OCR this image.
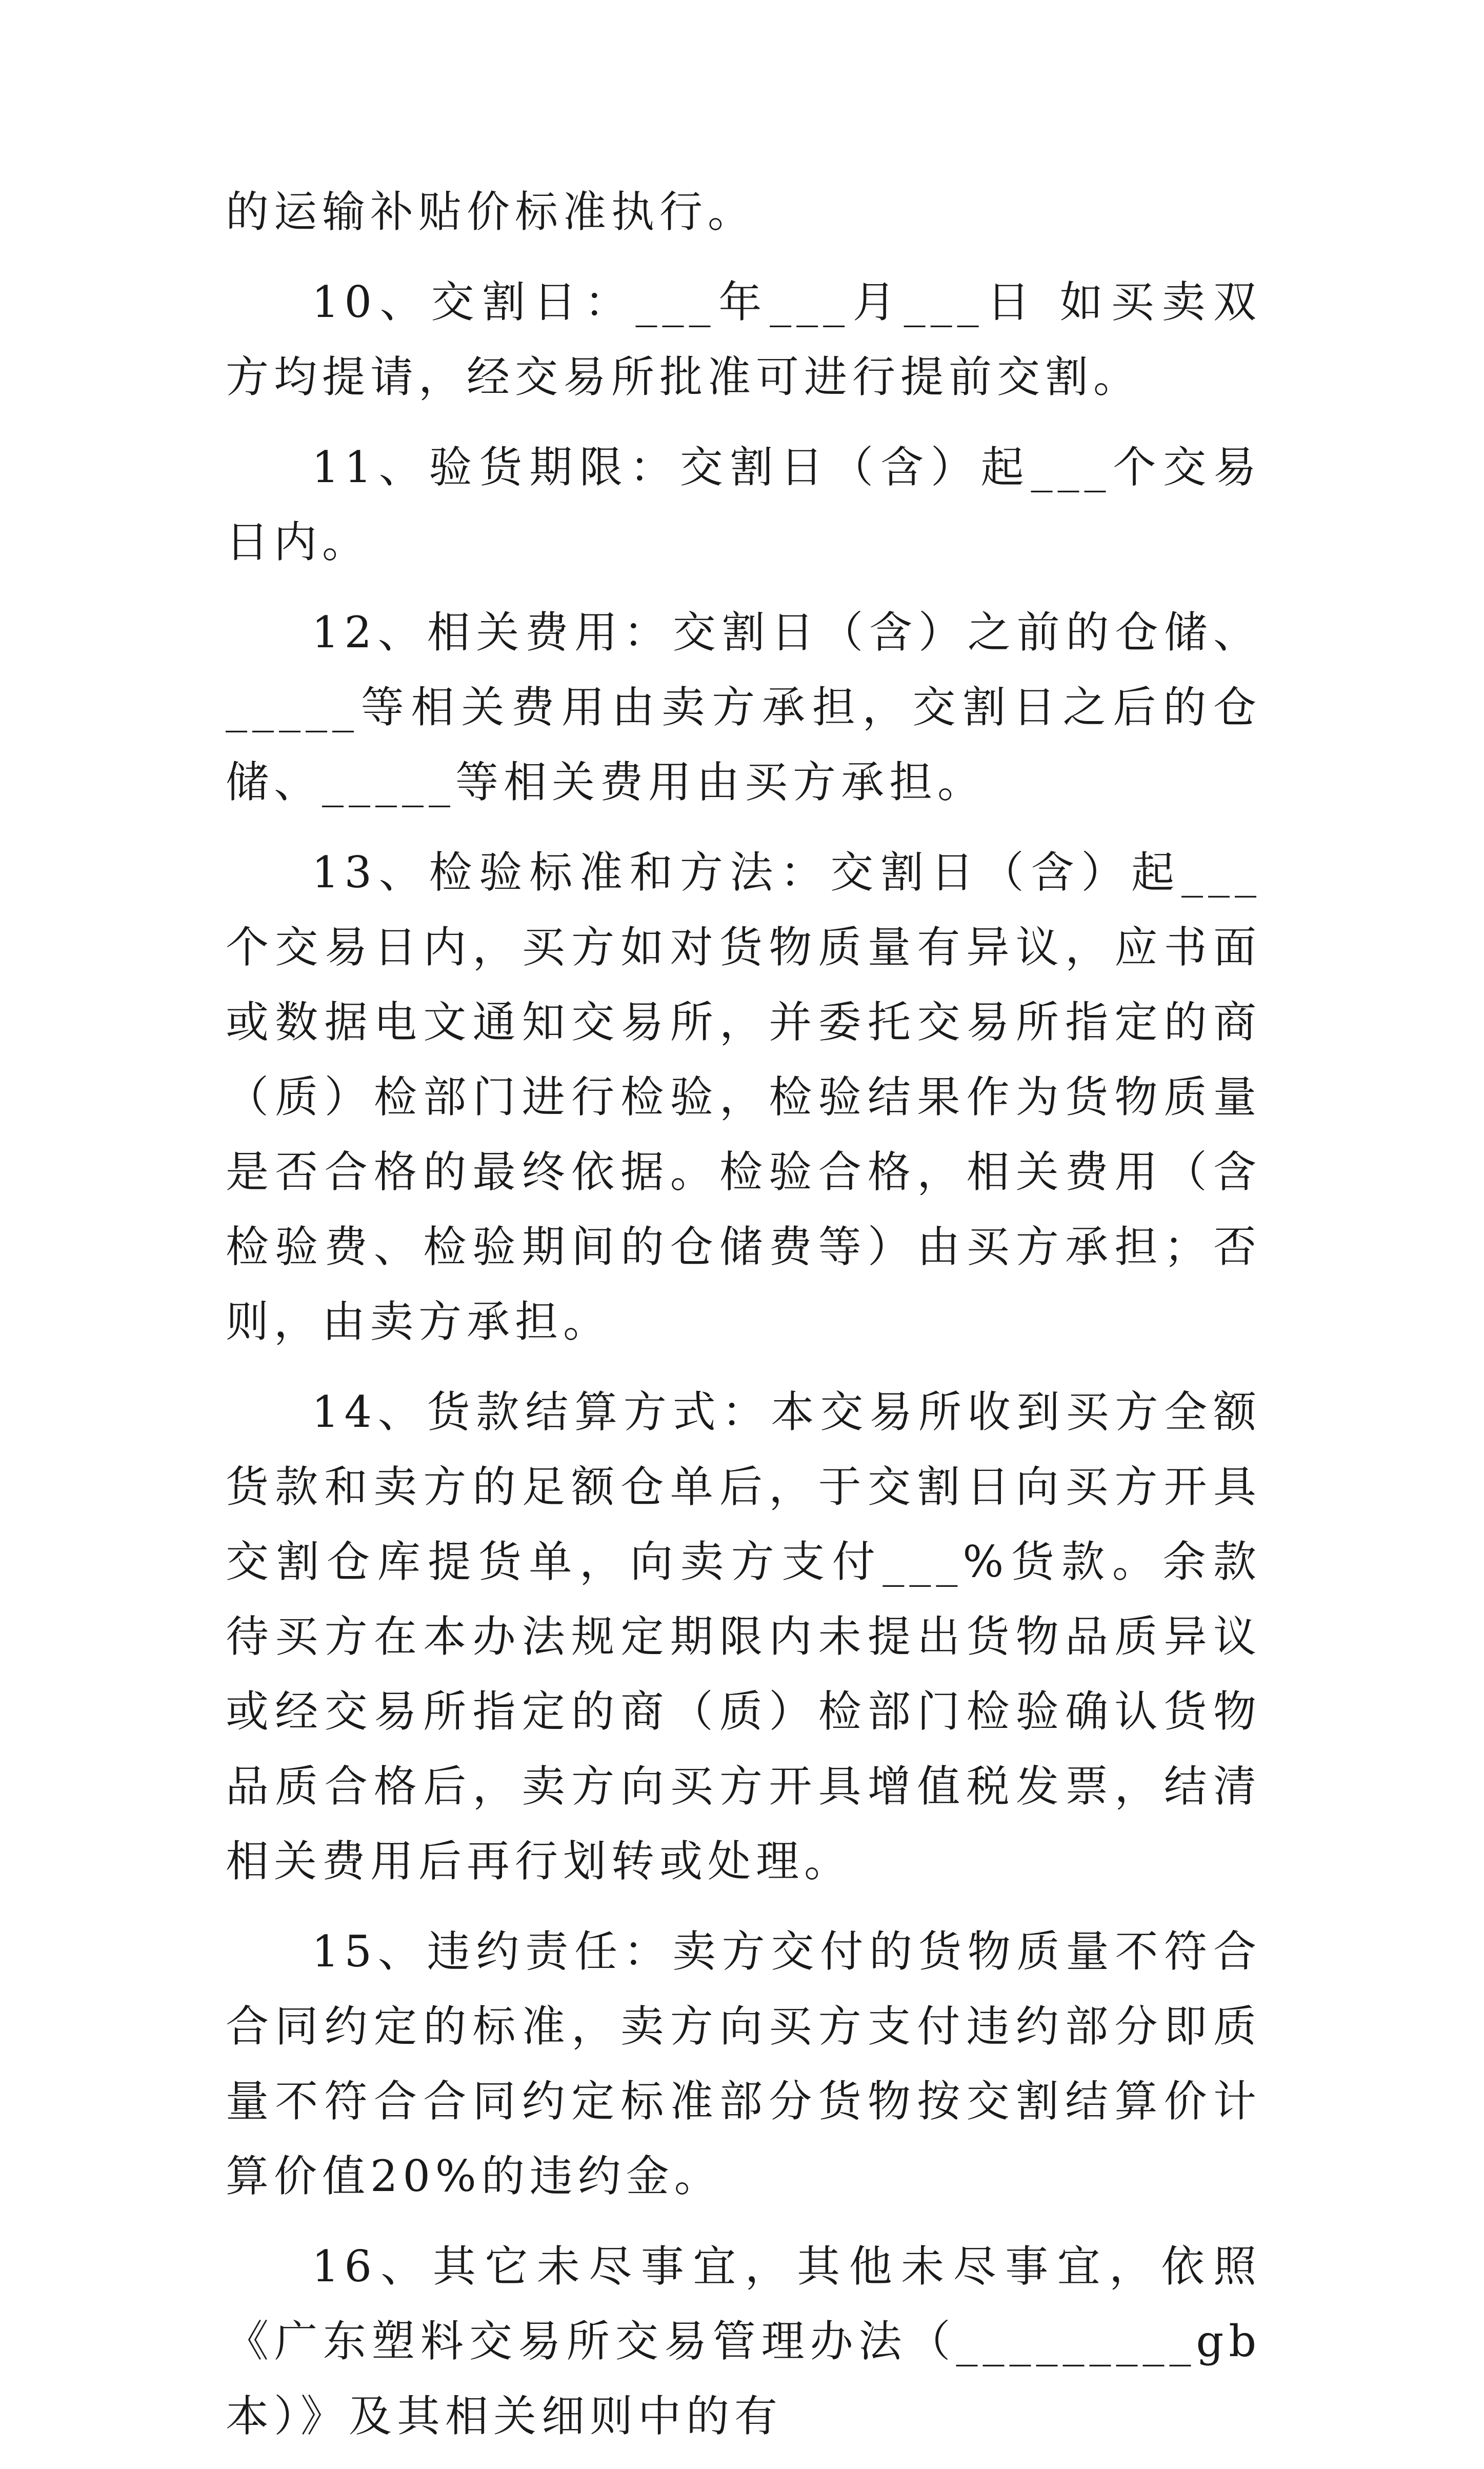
的运输补贴价标准执行。

10、交割日：___年___月___日 如买卖双方均提请，经交易所批准可进行提前交割。

11、验货期限：交割日（含）起___个交易日内。

12、相关费用：交割日（含）之前的仓储、_____等相关费用由卖方承担，交割日之后的仓储、_____等相关费用由买方承担。

13、检验标准和方法：交割日（含）起___个交易日内，买方如对货物质量有异议，应书面或数据电文通知交易所，并委托交易所指定的商（质）检部门进行检验，检验结果作为货物质量是否合格的最终依据。检验合格，相关费用（含检验费、检验期间的仓储费等）由买方承担；否则，由卖方承担。

14、货款结算方式：本交易所收到买方全额货款和卖方的足额仓单后，于交割日向买方开具交割仓库提货单，向卖方支付___%货款。余款待买方在本办法规定期限内未提出货物品质异议或经交易所指定的商（质）检部门检验确认货物品质合格后，卖方向买方开具增值税发票，结清相关费用后再行划转或处理。

15、违约责任：卖方交付的货物质量不符合合同约定的标准，卖方向买方支付违约部分即质量不符合合同约定标准部分货物按交割结算价计算价值20%的违约金。

16、其它未尽事宜，其他未尽事宜，依照《广东塑料交易所交易管理办法（_________gb本）》及其相关细则中的有
